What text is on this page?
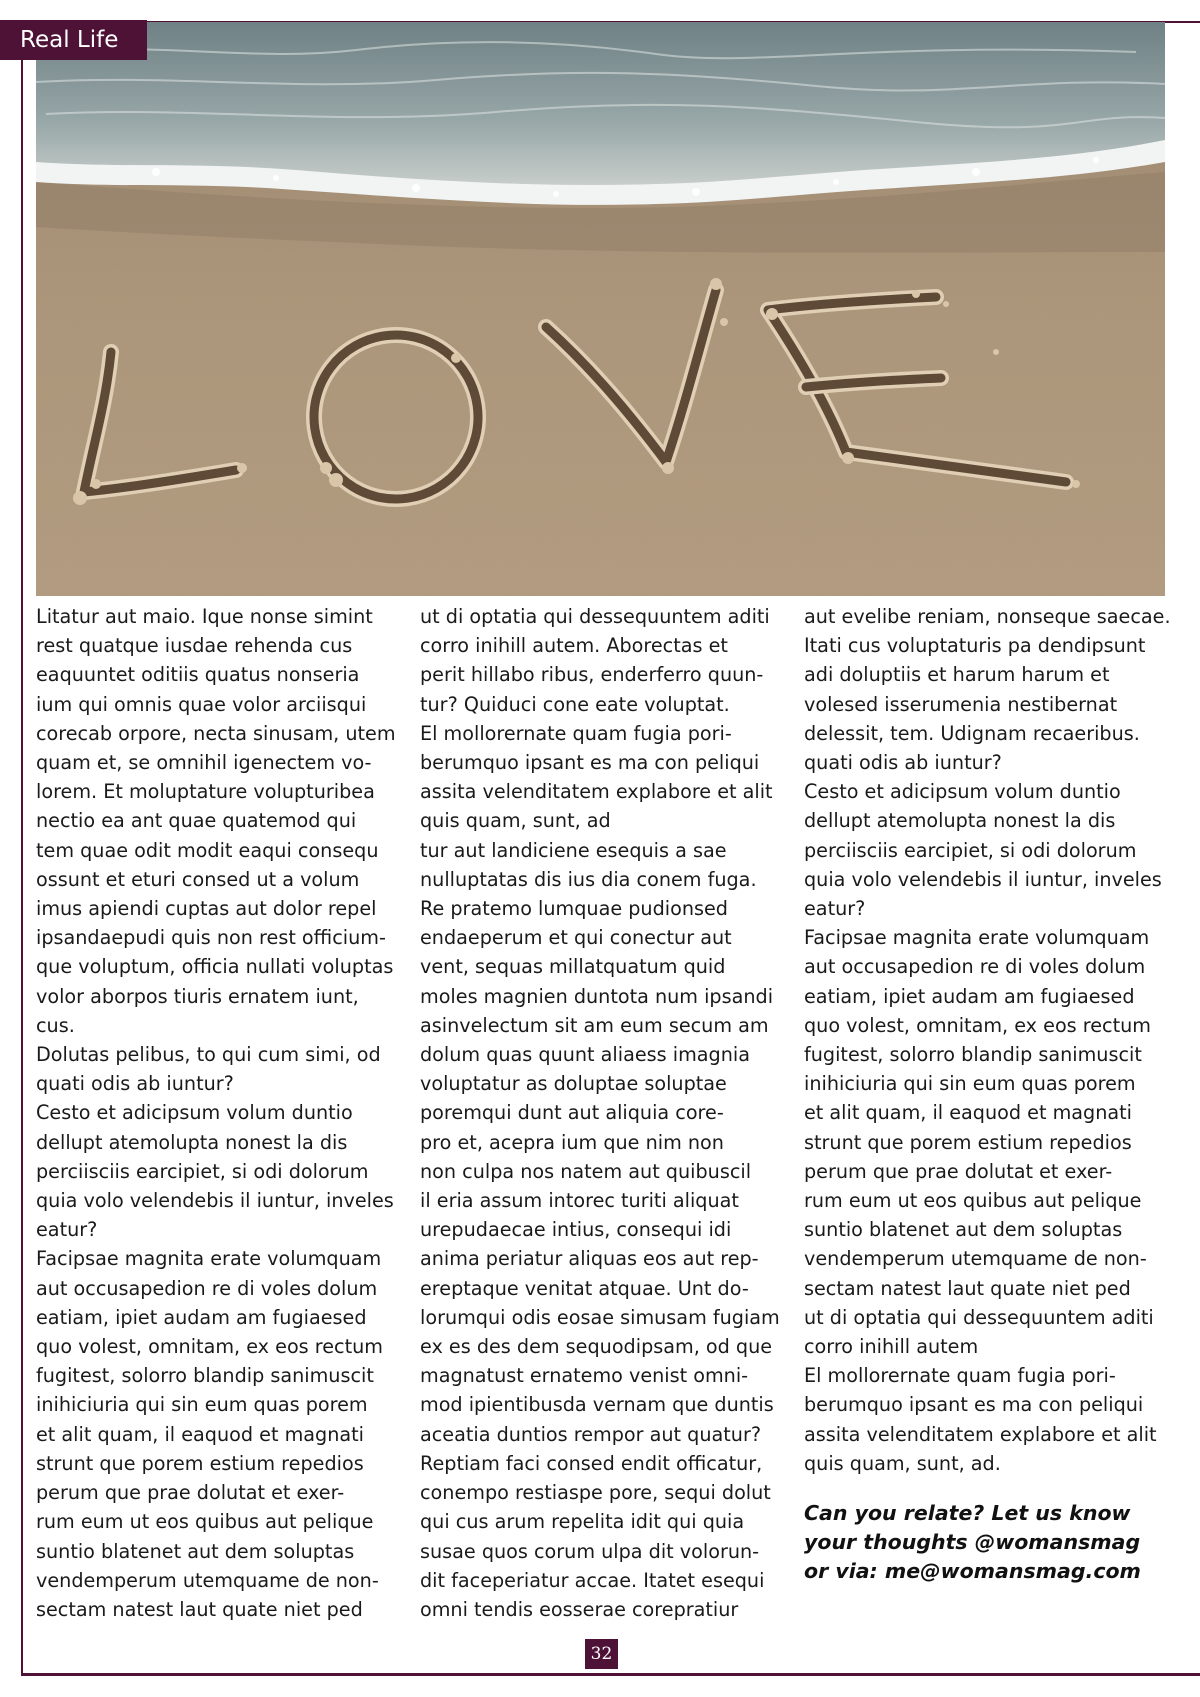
Real Life

Litatur aut maio. Ique nonse simint

rest quatque iusdae rehenda cus

eaquuntet oditiis quatus nonseria

ium qui omnis quae volor arciisqui

corecab orpore, necta sinusam, utem

quam et, se omnihil igenectem vo-

lorem. Et moluptature volupturibea

nectio ea ant quae quatemod qui

tem quae odit modit eaqui consequ

ossunt et eturi consed ut a volum

imus apiendi cuptas aut dolor repel

ipsandaepudi quis non rest officium-

que voluptum, officia nullati voluptas

volor aborpos tiuris ernatem iunt,

cus.

Dolutas pelibus, to qui cum simi, od

quati odis ab iuntur?

Cesto et adicipsum volum duntio

dellupt atemolupta nonest la dis

perciisciis earcipiet, si odi dolorum

quia volo velendebis il iuntur, inveles

eatur?

Facipsae magnita erate volumquam

aut occusapedion re di voles dolum

eatiam, ipiet audam am fugiaesed

quo volest, omnitam, ex eos rectum

fugitest, solorro blandip sanimuscit

inihiciuria qui sin eum quas porem

et alit quam, il eaquod et magnati

strunt que porem estium repedios

perum que prae dolutat et exer-

rum eum ut eos quibus aut pelique

suntio blatenet aut dem soluptas

vendemperum utemquame de non-

sectam natest laut quate niet ped

ut di optatia qui dessequuntem aditi

corro inihill autem. Aborectas et

perit hillabo ribus, enderferro quun-

tur? Quiduci cone eate voluptat.

El mollorernate quam fugia pori-

berumquo ipsant es ma con peliqui

assita velenditatem explabore et alit

quis quam, sunt, ad

tur aut landiciene esequis a sae

nulluptatas dis ius dia conem fuga.

Re pratemo lumquae pudionsed

endaeperum et qui conectur aut

vent, sequas millatquatum quid

moles magnien duntota num ipsandi

asinvelectum sit am eum secum am

dolum quas quunt aliaess imagnia

voluptatur as doluptae soluptae

poremqui dunt aut aliquia core-

pro et, acepra ium que nim non

non culpa nos natem aut quibuscil

il eria assum intorec turiti aliquat

urepudaecae intius, consequi idi

anima periatur aliquas eos aut rep-

ereptaque venitat atquae. Unt do-

lorumqui odis eosae simusam fugiam

ex es des dem sequodipsam, od que

magnatust ernatemo venist omni-

mod ipientibusda vernam que duntis

aceatia duntios rempor aut quatur?

Reptiam faci consed endit officatur,

conempo restiaspe pore, sequi dolut

qui cus arum repelita idit qui quia

susae quos corum ulpa dit volorun-

dit faceperiatur accae. Itatet esequi

omni tendis eosserae corepratiur

aut evelibe reniam, nonseque saecae.

Itati cus voluptaturis pa dendipsunt

adi doluptiis et harum harum et

volesed isserumenia nestibernat

delessit, tem. Udignam recaeribus.

quati odis ab iuntur?

Cesto et adicipsum volum duntio

dellupt atemolupta nonest la dis

perciisciis earcipiet, si odi dolorum

quia volo velendebis il iuntur, inveles

eatur?

Facipsae magnita erate volumquam

aut occusapedion re di voles dolum

eatiam, ipiet audam am fugiaesed

quo volest, omnitam, ex eos rectum

fugitest, solorro blandip sanimuscit

inihiciuria qui sin eum quas porem

et alit quam, il eaquod et magnati

strunt que porem estium repedios

perum que prae dolutat et exer-

rum eum ut eos quibus aut pelique

suntio blatenet aut dem soluptas

vendemperum utemquame de non-

sectam natest laut quate niet ped

ut di optatia qui dessequuntem aditi

corro inihill autem

El mollorernate quam fugia pori-

berumquo ipsant es ma con peliqui

assita velenditatem explabore et alit

quis quam, sunt, ad.

Can you relate? Let us know
your thoughts @womansmag
or via: me@womansmag.com
32
